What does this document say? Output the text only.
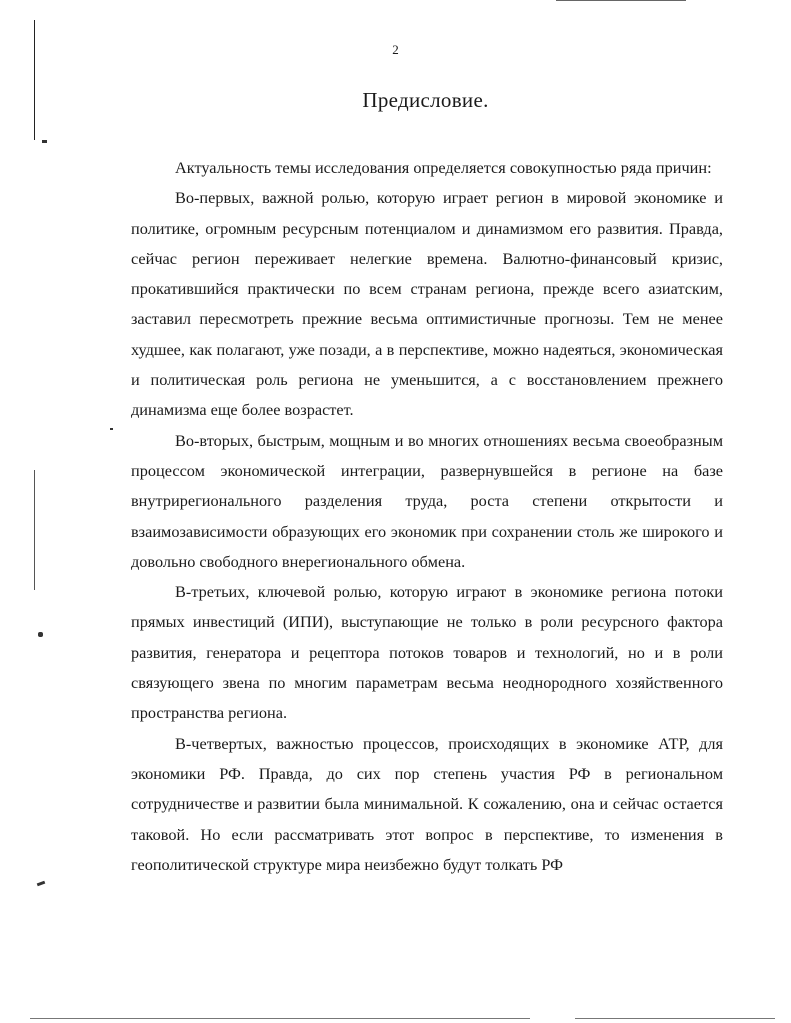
2
Предисловие.

Актуальность темы исследования определяется совокупностью ряда причин:

Во-первых, важной ролью, которую играет регион в мировой экономике и политике, огромным ресурсным потенциалом и динамизмом его развития. Правда, сейчас регион переживает нелегкие времена. Валютно-финансовый кризис, прокатившийся практически по всем странам региона, прежде всего азиатским, заставил пересмотреть прежние весьма оптимистичные прогнозы. Тем не менее худшее, как полагают, уже позади, а в перспективе, можно надеяться, экономическая и политическая роль региона не уменьшится, а с восстановлением прежнего динамизма еще более возрастет.

Во-вторых, быстрым, мощным и во многих отношениях весьма своеобразным процессом экономической интеграции, развернувшейся в регионе на базе внутрирегионального разделения труда, роста степени открытости и взаимозависимости образующих его экономик при сохранении столь же широкого и довольно свободного внерегионального обмена.

В-третьих, ключевой ролью, которую играют в экономике региона потоки прямых инвестиций (ИПИ), выступающие не только в роли ресурсного фактора развития, генератора и рецептора потоков товаров и технологий, но и в роли связующего звена по многим параметрам весьма неоднородного хозяйственного пространства региона.

В-четвертых, важностью процессов, происходящих в экономике АТР, для экономики РФ. Правда, до сих пор степень участия РФ в региональном сотрудничестве и развитии была минимальной. К сожалению, она и сейчас остается таковой. Но если рассматривать этот вопрос в перспективе, то изменения в геополитической структуре мира неизбежно будут толкать РФ
